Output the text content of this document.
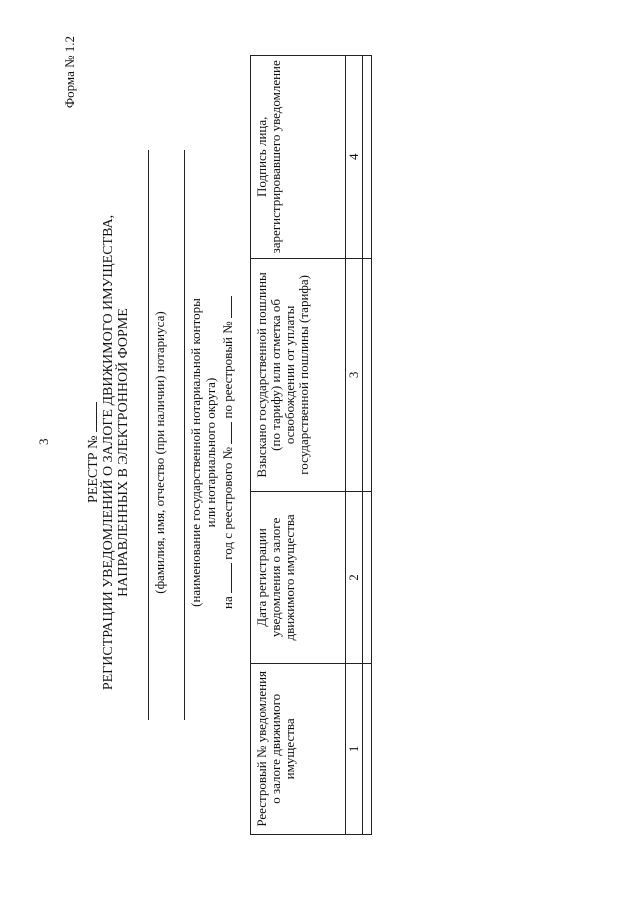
3
Форма № 1.2
РЕЕСТР № РЕГИСТРАЦИИ УВЕДОМЛЕНИЙ О ЗАЛОГЕ ДВИЖИМОГО ИМУЩЕСТВА, НАПРАВЛЕННЫХ В ЭЛЕКТРОННОЙ ФОРМЕ (фамилия, имя, отчество (при наличии) нотариуса) (наименование государственной нотариальной конторы или нотариального округа)
на  год с реестрового №  по реестровый №
Реестровый № уведомления о залоге движимого имущества	Дата регистрации уведомления о залоге движимого имущества	Взыскано государственной пошлины (по тарифу) или отметка об освобождении от уплаты государственной пошлины (тарифа)	Подпись лица, зарегистрировавшего уведомление
1	2	3	4
